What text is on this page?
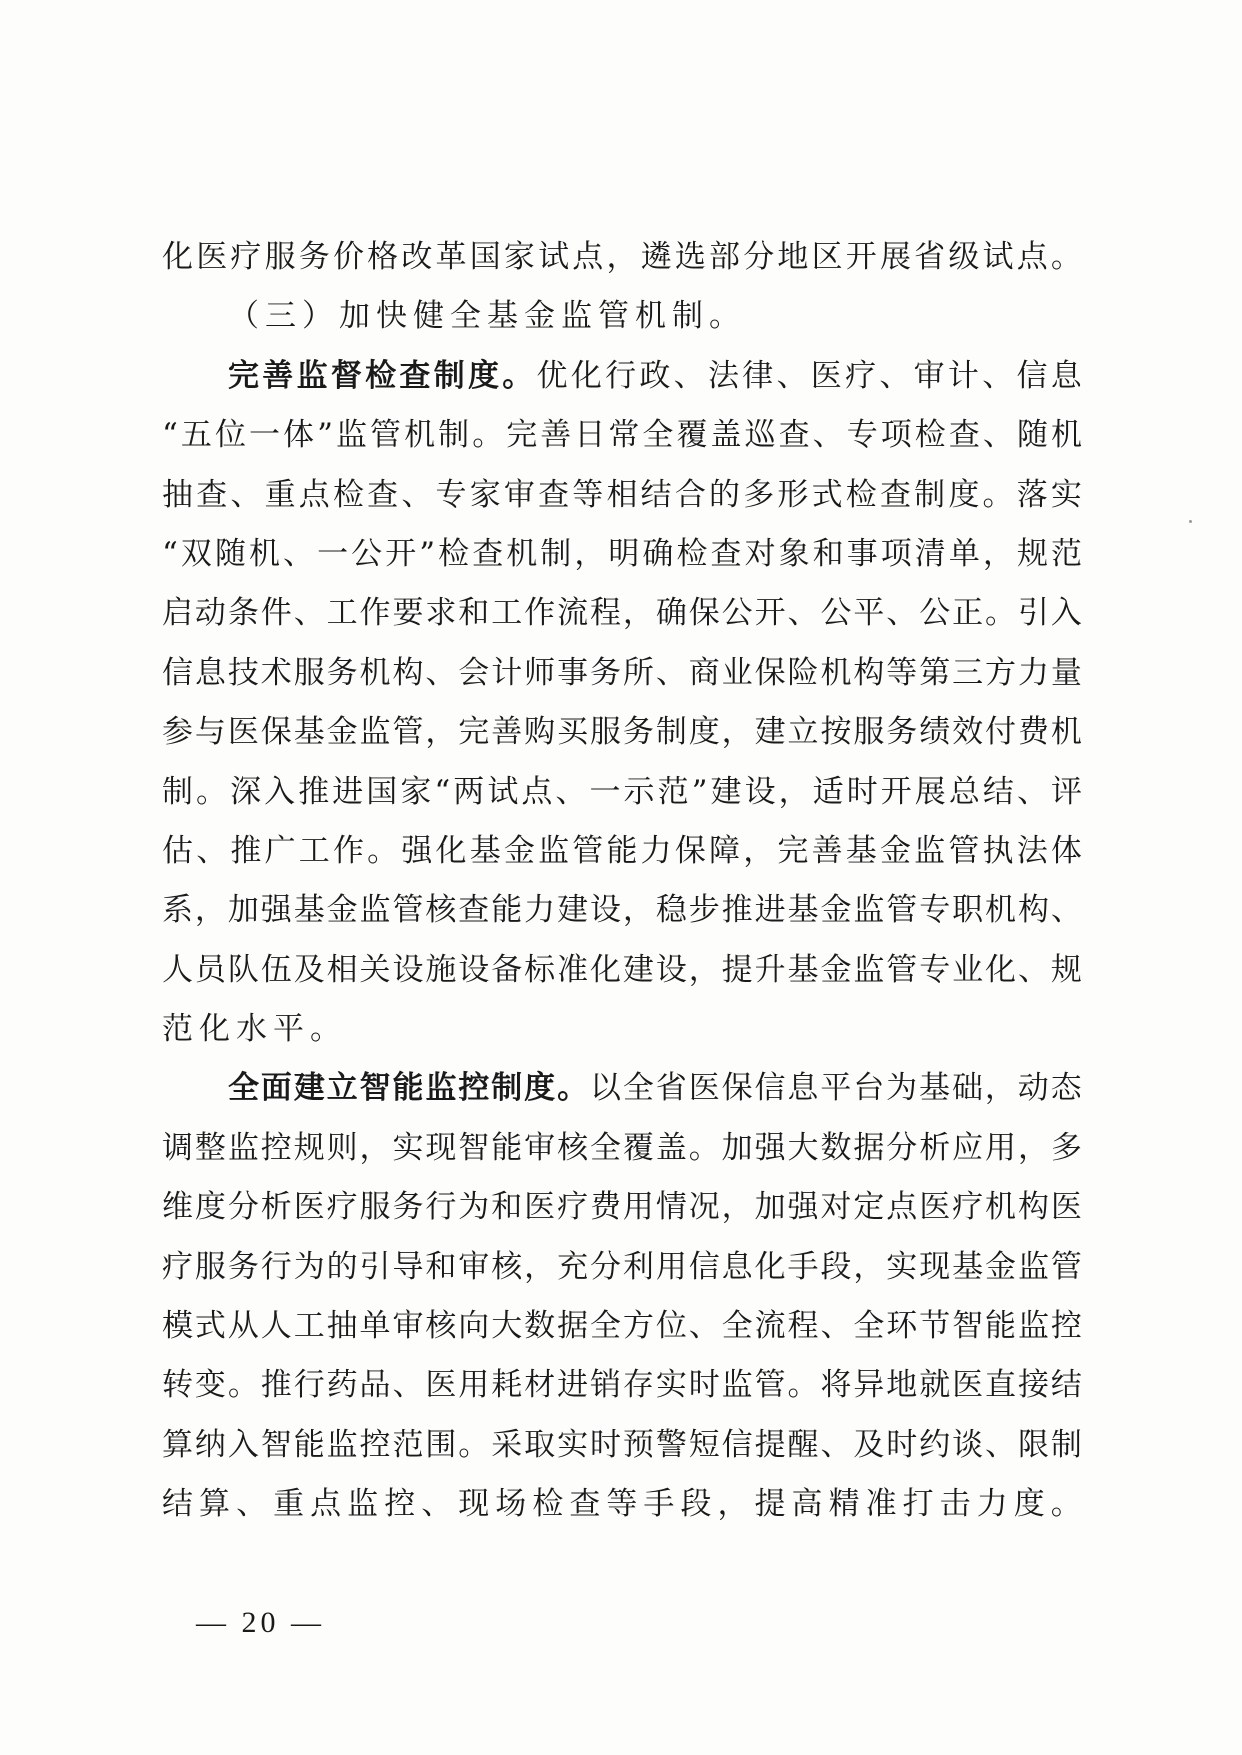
化 医 疗 服 务 价 格 改 革 国 家 试 点 ， 遴 选 部 分 地 区 开 展 省 级 试 点 。
（三）加快健全基金监管机制。
完 善 监 督 检 查 制 度 。 优 化 行 政 、 法 律 、 医 疗 、 审 计 、 信 息
“ 五 位 一 体 ” 监 管 机 制 。 完 善 日 常 全 覆 盖 巡 查 、 专 项 检 查 、 随 机
抽 查 、 重 点 检 查 、 专 家 审 查 等 相 结 合 的 多 形 式 检 查 制 度 。 落 实
“ 双 随 机 、 一 公 开 ” 检 查 机 制 ， 明 确 检 查 对 象 和 事 项 清 单 ， 规 范
启 动 条 件 、 工 作 要 求 和 工 作 流 程 ， 确 保 公 开 、 公 平 、 公 正 。 引 入
信 息 技 术 服 务 机 构 、 会 计 师 事 务 所 、 商 业 保 险 机 构 等 第 三 方 力 量
参 与 医 保 基 金 监 管 ， 完 善 购 买 服 务 制 度 ， 建 立 按 服 务 绩 效 付 费 机
制 。 深 入 推 进 国 家 “ 两 试 点 、 一 示 范 ” 建 设 ， 适 时 开 展 总 结 、 评
估 、 推 广 工 作 。 强 化 基 金 监 管 能 力 保 障 ， 完 善 基 金 监 管 执 法 体
系 ， 加 强 基 金 监 管 核 查 能 力 建 设 ， 稳 步 推 进 基 金 监 管 专 职 机 构 、
人 员 队 伍 及 相 关 设 施 设 备 标 准 化 建 设 ， 提 升 基 金 监 管 专 业 化 、 规
范化水平。
全 面 建 立 智 能 监 控 制 度 。 以 全 省 医 保 信 息 平 台 为 基 础 ， 动 态
调 整 监 控 规 则 ， 实 现 智 能 审 核 全 覆 盖 。 加 强 大 数 据 分 析 应 用 ， 多
维 度 分 析 医 疗 服 务 行 为 和 医 疗 费 用 情 况 ， 加 强 对 定 点 医 疗 机 构 医
疗 服 务 行 为 的 引 导 和 审 核 ， 充 分 利 用 信 息 化 手 段 ， 实 现 基 金 监 管
模 式 从 人 工 抽 单 审 核 向 大 数 据 全 方 位 、 全 流 程 、 全 环 节 智 能 监 控
转 变 。 推 行 药 品 、 医 用 耗 材 进 销 存 实 时 监 管 。 将 异 地 就 医 直 接 结
算 纳 入 智 能 监 控 范 围 。 采 取 实 时 预 警 短 信 提 醒 、 及 时 约 谈 、 限 制
结 算 、 重 点 监 控 、 现 场 检 查 等 手 段 ， 提 高 精 准 打 击 力 度 。
— 20 —
